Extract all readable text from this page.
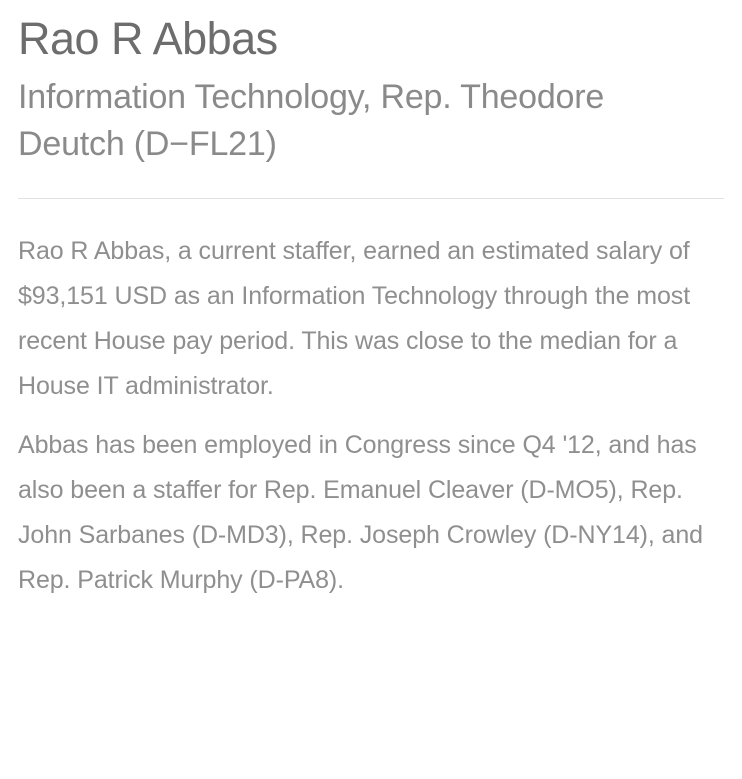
Rao R Abbas
Information Technology, Rep. Theodore Deutch (D−FL21)

Rao R Abbas, a current staffer, earned an estimated salary of $93,151 USD as an Information Technology through the most recent House pay period. This was close to the median for a House IT administrator.

Abbas has been employed in Congress since Q4 '12, and has also been a staffer for Rep. Emanuel Cleaver (D-MO5), Rep. John Sarbanes (D-MD3), Rep. Joseph Crowley (D-NY14), and Rep. Patrick Murphy (D-PA8).
